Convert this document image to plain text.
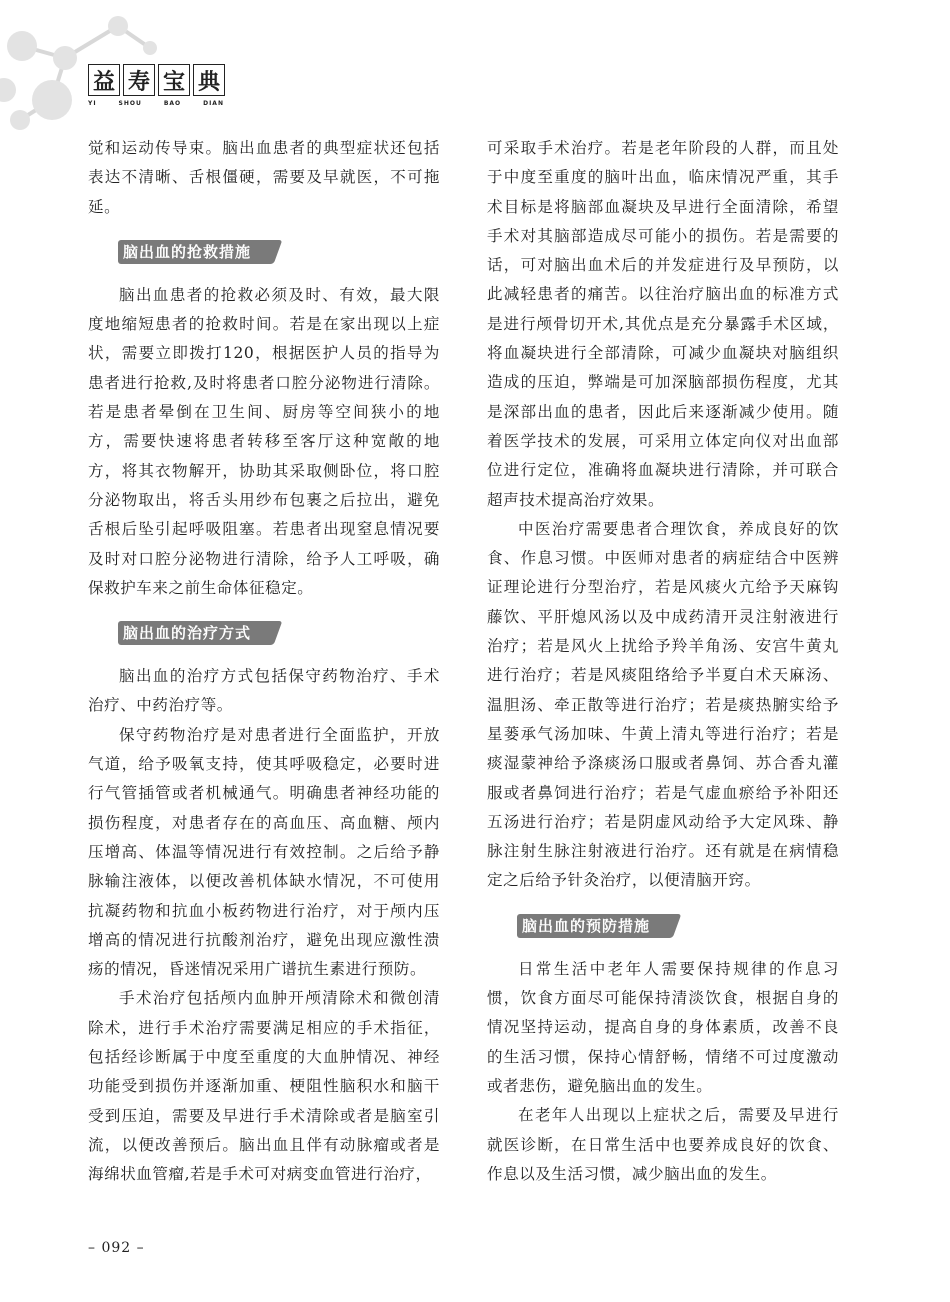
益 寿 宝 典
YI	SHOU	BAO	DIAN

觉和运动传导束。脑出血患者的典型症状还包括表达不清晰、舌根僵硬，需要及早就医，不可拖延。

脑出血的抢救措施

脑出血患者的抢救必须及时、有效，最大限度地缩短患者的抢救时间。若是在家出现以上症状，需要立即拨打120，根据医护人员的指导为患者进行抢救,及时将患者口腔分泌物进行清除。若是患者晕倒在卫生间、厨房等空间狭小的地方，需要快速将患者转移至客厅这种宽敞的地方，将其衣物解开，协助其采取侧卧位，将口腔分泌物取出，将舌头用纱布包裹之后拉出，避免舌根后坠引起呼吸阻塞。若患者出现窒息情况要及时对口腔分泌物进行清除，给予人工呼吸，确保救护车来之前生命体征稳定。

脑出血的治疗方式

脑出血的治疗方式包括保守药物治疗、手术治疗、中药治疗等。

保守药物治疗是对患者进行全面监护，开放气道，给予吸氧支持，使其呼吸稳定，必要时进行气管插管或者机械通气。明确患者神经功能的损伤程度，对患者存在的高血压、高血糖、颅内压增高、体温等情况进行有效控制。之后给予静脉输注液体，以便改善机体缺水情况，不可使用抗凝药物和抗血小板药物进行治疗，对于颅内压增高的情况进行抗酸剂治疗，避免出现应激性溃疡的情况，昏迷情况采用广谱抗生素进行预防。

手术治疗包括颅内血肿开颅清除术和微创清除术，进行手术治疗需要满足相应的手术指征，包括经诊断属于中度至重度的大血肿情况、神经功能受到损伤并逐渐加重、梗阻性脑积水和脑干受到压迫，需要及早进行手术清除或者是脑室引流，以便改善预后。脑出血且伴有动脉瘤或者是海绵状血管瘤,若是手术可对病变血管进行治疗，

可采取手术治疗。若是老年阶段的人群，而且处于中度至重度的脑叶出血，临床情况严重，其手术目标是将脑部血凝块及早进行全面清除，希望手术对其脑部造成尽可能小的损伤。若是需要的话，可对脑出血术后的并发症进行及早预防，以此减轻患者的痛苦。以往治疗脑出血的标准方式是进行颅骨切开术,其优点是充分暴露手术区域，将血凝块进行全部清除，可减少血凝块对脑组织造成的压迫，弊端是可加深脑部损伤程度，尤其是深部出血的患者，因此后来逐渐减少使用。随着医学技术的发展，可采用立体定向仪对出血部位进行定位，准确将血凝块进行清除，并可联合超声技术提高治疗效果。

中医治疗需要患者合理饮食，养成良好的饮食、作息习惯。中医师对患者的病症结合中医辨证理论进行分型治疗，若是风痰火亢给予天麻钩藤饮、平肝熄风汤以及中成药清开灵注射液进行治疗；若是风火上扰给予羚羊角汤、安宫牛黄丸进行治疗；若是风痰阻络给予半夏白术天麻汤、温胆汤、牵正散等进行治疗；若是痰热腑实给予星蒌承气汤加味、牛黄上清丸等进行治疗；若是痰湿蒙神给予涤痰汤口服或者鼻饲、苏合香丸灌服或者鼻饲进行治疗；若是气虚血瘀给予补阳还五汤进行治疗；若是阴虚风动给予大定风珠、静脉注射生脉注射液进行治疗。还有就是在病情稳定之后给予针灸治疗，以便清脑开窍。

脑出血的预防措施

日常生活中老年人需要保持规律的作息习惯，饮食方面尽可能保持清淡饮食，根据自身的情况坚持运动，提高自身的身体素质，改善不良的生活习惯，保持心情舒畅，情绪不可过度激动或者悲伤，避免脑出血的发生。

在老年人出现以上症状之后，需要及早进行就医诊断，在日常生活中也要养成良好的饮食、作息以及生活习惯，减少脑出血的发生。

– 092 –
